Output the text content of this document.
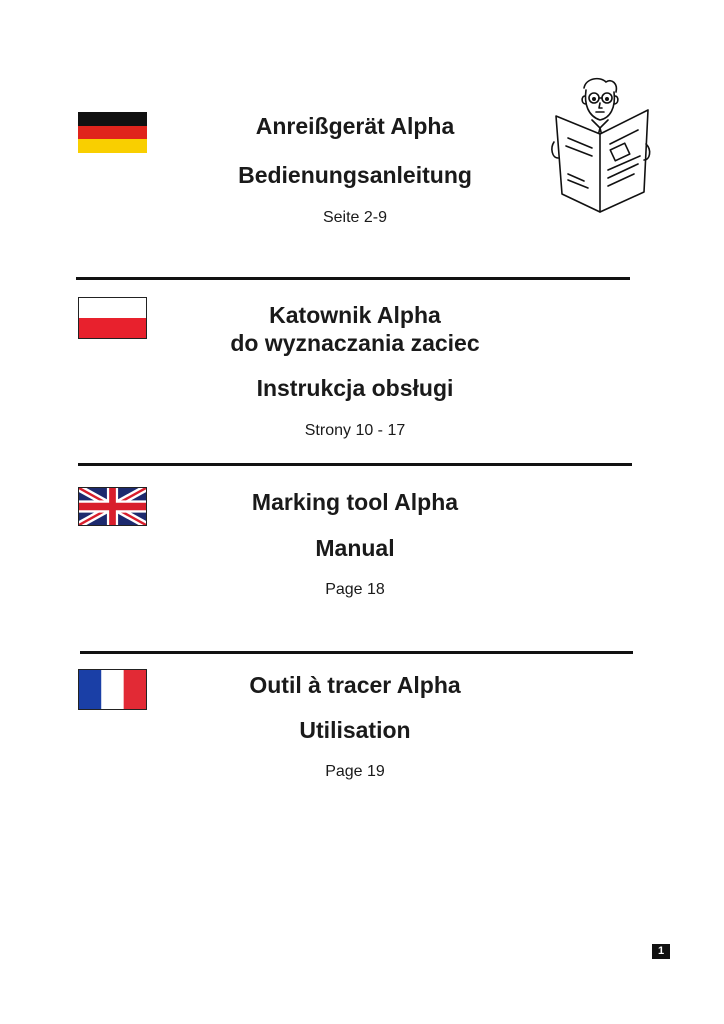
Anreißgerät Alpha
Bedienungsanleitung
Seite 2-9
Katownik Alpha
do wyznaczania zaciec
Instrukcja obsługi
Strony 10 - 17
Marking tool Alpha
Manual
Page 18
Outil à tracer Alpha
Utilisation
Page 19
1
